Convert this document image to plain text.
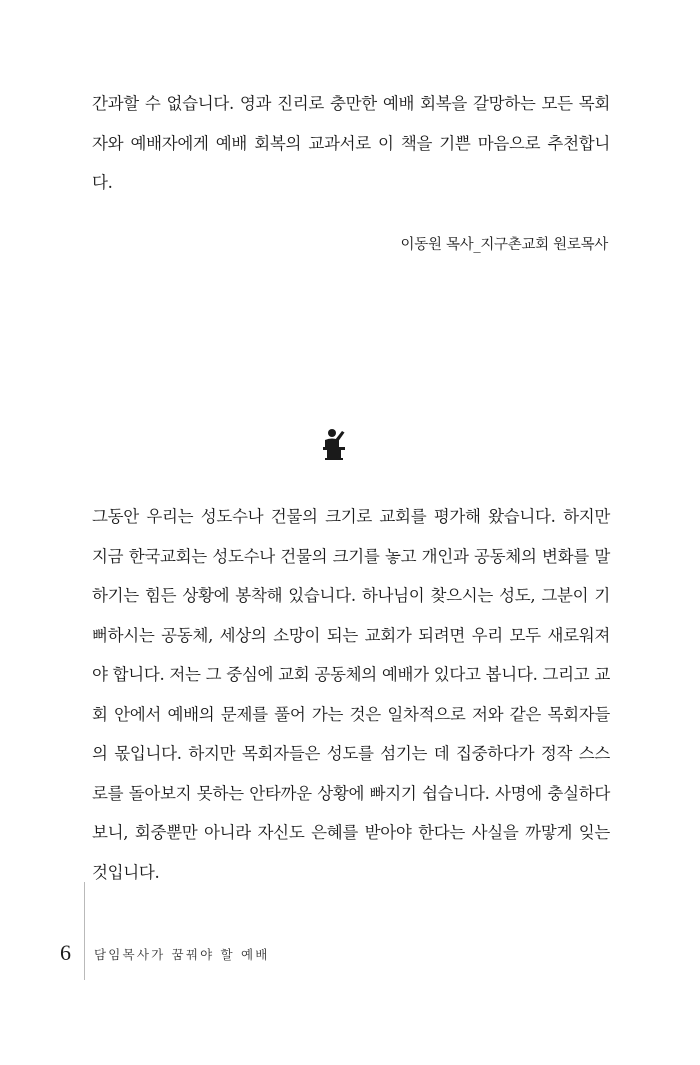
간과할 수 없습니다. 영과 진리로 충만한 예배 회복을 갈망하는 모든 목회자와 예배자에게 예배 회복의 교과서로 이 책을 기쁜 마음으로 추천합니다.

이동원 목사_지구촌교회 원로목사

그동안 우리는 성도수나 건물의 크기로 교회를 평가해 왔습니다. 하지만 지금 한국교회는 성도수나 건물의 크기를 놓고 개인과 공동체의 변화를 말하기는 힘든 상황에 봉착해 있습니다. 하나님이 찾으시는 성도, 그분이 기뻐하시는 공동체, 세상의 소망이 되는 교회가 되려면 우리 모두 새로워져야 합니다. 저는 그 중심에 교회 공동체의 예배가 있다고 봅니다. 그리고 교회 안에서 예배의 문제를 풀어 가는 것은 일차적으로 저와 같은 목회자들의 몫입니다. 하지만 목회자들은 성도를 섬기는 데 집중하다가 정작 스스로를 돌아보지 못하는 안타까운 상황에 빠지기 쉽습니다. 사명에 충실하다 보니, 회중뿐만 아니라 자신도 은혜를 받아야 한다는 사실을 까맣게 잊는 것입니다.

6 담임목사가 꿈꿔야 할 예배
